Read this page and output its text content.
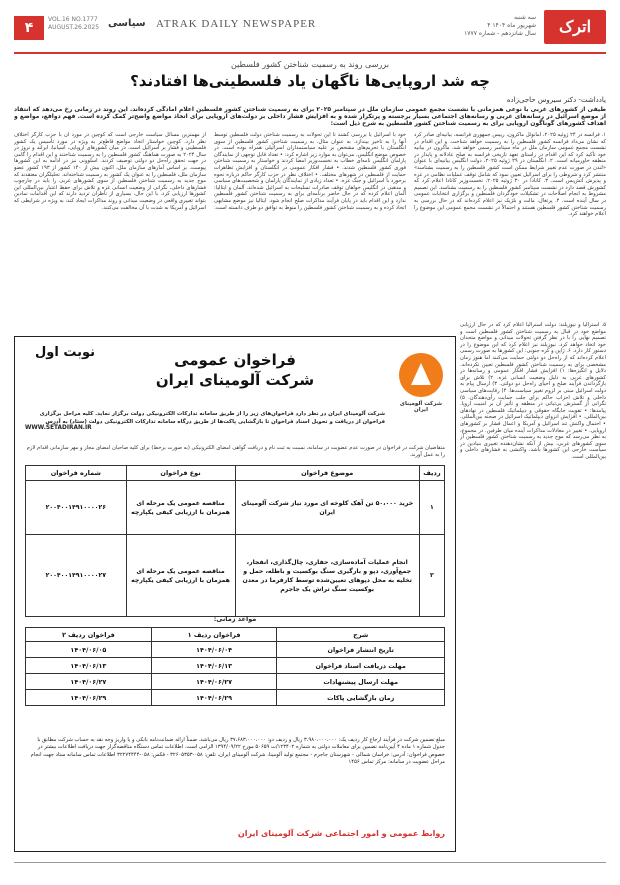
۴
VOL.16 NO.1777
AUGUST.26.2025 سیاسی ATRAK DAILY NEWSPAPER
سه شنبه
۴ شهریور ماه ۱۴۰۴
سال شانزدهم - شماره ۱۷۷۷	اترک
بررسی روند به رسمیت شناختن کشور فلسطین
چه شد اروپایی‌ها ناگهان یاد فلسطینی‌ها افتادند؟
یادداشت- دکتر سیروس حاجی‌زاده
طیفی از کشورهای غربی با نوعی همزمانی با نشست مجمع عمومی سازمان ملل در سپتامبر ۲۰۲۵ برای به رسمیت شناختن کشور فلسطین اعلام آمادگی کرده‌اند. این روند در زمانی رخ می‌دهد که انتقاد از موضع اسرائیل در رسانه‌های غربی و رسانه‌های اجتماعی بسیار برجسته و پرتکرار شده و به افزایش فشار داخلی بر دولت‌های اروپایی برای اتخاذ مواضع واضح‌تر کمک کرده است. فهم دوافع، مواضع و اهداف کشورهای گوناگون اروپایی برای به رسمیت شناختن کشور فلسطین به شرح ذیل است:
۱. فرانسه در ۲۴ ژوئیه ۲۰۲۵، امانوئل ماکرون، رییس جمهوری فرانسه، بیانیه‌ای صادر کرد که نشان می‌داد فرانسه کشور فلسطین را به رسمیت خواهد شناخت. و این اقدام در نشست مجمع عمومی سازمان ملل در ماه سپتامبر رسمی خواهد شد. ماکرون در بیانیه خود تأکید کرد که این اقدام در راستای تعهد تاریخی فرانسه به صلح عادلانه و پایدار در منطقه خاورمیانه است. ۲. انگلستان در ۲۹ ژوئیه ۲۰۲۵، دولت انگلیس بیانیه‌ای با عنوان «لندن در صورت عدم تغییر شرایط ممکن است کشور فلسطین را به رسمیت بشناسد» منتشر کرد و شروطی را برای اسرائیل تعیین نمود که شامل توقف عملیات نظامی در غزه و پذیرش آتش‌بس است. ۳. کانادا در ۳۰ ژوئیه ۲۰۲۵، نخست‌وزیر کانادا اعلام کرد که کشورش قصد دارد در نشست سپتامبر کشور فلسطین را به رسمیت بشناسد. این تصمیم مشروط به انجام اصلاحات در تشکیلات خودگردان فلسطین و برگزاری انتخابات عمومی در سال آینده است. ۴. پرتغال، مالت و بلژیک نیز اعلام کرده‌اند که در حال بررسی به رسمیت شناختن کشور فلسطین هستند و احتمالاً در نشست مجمع عمومی این موضوع را اعلام خواهند کرد.
خود با اسرائیل یا بررسی کشند تا این تحولات به رسمیت شناختن دولت فلسطین توسط آنها را به تاخیر بیندازد. به عنوان مثال، به رسمیت شناختن کشور فلسطین از سوی انگلستان با تحریم‌های مشخص بر علیه سیاستمداران اسرائیلی همراه بوده است. در خصوص موضع انگلیس، می‌توان به موارد زیر اشاره کرد: • تعداد قابل توجهی از نمایندگان پارلمان انگلیس نامه‌ای خطاب به نخست‌وزیر امضا کردند و خواستار به رسمیت شناختن فوری کشور فلسطین شدند. • فشار افکار عمومی در انگلستان و افزایش تظاهرات حمایت از فلسطین در شهرهای مختلف. • اختلاف نظر در حزب کارگر حاکم درباره نحوه برخورد با اسرائیل و جنگ غزه. • تعداد زیادی از نمایندگان پارلمان و شخصیت‌های سیاسی و مذهبی در انگلیس خواهان توقف صادرات تسلیحات به اسرائیل شده‌اند. آلمان و ایتالیا: آلمان اعلام کرده که در حال حاضر برنامه‌ای برای به رسمیت شناختن کشور فلسطین ندارد و این اقدام باید در پایان فرآیند مذاکرات صلح انجام شود. ایتالیا نیز موضع مشابهی اتخاذ کرده و به رسمیت شناختن کشور فلسطین را منوط به توافق دو طرف دانسته است.
از مهمترین مسائل سیاست خارجی است که کوچین در مورد آن با حزب کارگر اختلاف نظر دارد. کوچین خواستار اتخاذ مواضع قاطع‌تر به ویژه در مورد تأسیس یک کشور فلسطینی و فشار بر اسرائیل است. در میان کشورهای اروپایی، اسپانیا، ایرلند و نروژ در سال ۲۰۲۴ به صورت هماهنگ کشور فلسطین را به رسمیت شناختند و این اقدام را گامی در جهت تحقق راه‌حل دو دولتی توصیف کردند. اسلوونی نیز در ادامه به این کشورها پیوست. بر اساس آمارهای سازمان ملل، اکنون بیش از ۱۴۰ کشور از ۱۹۳ کشور عضو سازمان ملل، فلسطین را به عنوان یک کشور به رسمیت شناخته‌اند. تحلیلگران معتقدند که موج جدید به رسمیت شناختن فلسطین از سوی کشورهای غربی را باید در چارچوب فشارهای داخلی، نگرانی از وضعیت انسانی غزه و تلاش برای حفظ اعتبار بین‌المللی این کشورها ارزیابی کرد. با این حال، بسیاری از ناظران تردید دارند که این اقدامات نمادین بتواند تغییری واقعی در وضعیت میدانی و روند مذاکرات ایجاد کند، به ویژه در شرایطی که اسرائیل و آمریکا به شدت با آن مخالفت می‌کنند.
۵. استرالیا و نیوزیلند: دولت استرالیا اعلام کرد که در حال ارزیابی مواضع خود در قبال به رسمیت شناختن کشور فلسطین است و تصمیم نهایی را با در نظر گرفتن تحولات میدانی و مواضع متحدان خود اتخاذ خواهد کرد. نیوزیلند نیز اعلام کرد که این موضوع را در دستور کار دارد. ۶. ژاپن و کره جنوبی: این کشورها به صورت رسمی اعلام کرده‌اند که از راه‌حل دو دولتی حمایت می‌کنند اما هنوز زمان مشخصی برای به رسمیت شناختن کشور فلسطین تعیین نکرده‌اند. دلایل و انگیزه‌ها: ۱) افزایش فشار افکار عمومی و رسانه‌ها در کشورهای غربی به دلیل وضعیت انسانی غزه. ۲) تلاش برای بازگرداندن فرآیند صلح و احیای راه‌حل دو دولتی. ۳) ارسال پیام به دولت اسرائیل مبنی بر لزوم تغییر سیاست‌ها. ۴) رقابت‌های سیاسی داخلی و تلاش احزاب حاکم برای جلب حمایت رأی‌دهندگان. ۵) نگرانی از گسترش بی‌ثباتی در منطقه و تأثیر آن بر امنیت اروپا. پیامدها: • تقویت جایگاه حقوقی و دیپلماتیک فلسطین در نهادهای بین‌المللی. • افزایش انزوای دیپلماتیک اسرائیل در صحنه بین‌المللی. • احتمال واکنش تند اسرائیل و آمریکا و اعمال فشار بر کشورهای اروپایی. • تغییر در معادلات مذاکرات آینده میان طرفین. در مجموع، به نظر می‌رسد که موج جدید به رسمیت شناختن کشور فلسطین از سوی کشورهای غربی، بیش از آنکه نشان‌دهنده تغییری بنیادین در سیاست خارجی این کشورها باشد، واکنشی به فشارهای داخلی و بین‌المللی است.
نوبت اول	فراخوان عمومی
شرکت آلومینای ایران
شرکت آلومینای ایران
شرکت آلومینای ایران در نظر دارد فراخوان‌های زیر را از طریق سامانه تدارکات الکترونیکی دولت برگزار نماید. کلیه مراحل برگزاری فراخوان از دریافت و تحویل اسناد فراخوان تا بازگشایی پاکت‌ها از طریق درگاه سامانه تدارکات الکترونیکی دولت (ستاد) به آدرس
WWW.SETADIRAN.IR
متقاضیان شرکت در فراخوان در صورت عدم عضویت در سامانه، نسبت به ثبت نام و دریافت گواهی امضای الکترونیکی (به صورت برخط) برای کلیه صاحبان امضای مجاز و مهر سازمانی اقدام لازم را به عمل آورند.
ردیف	موضوع فراخوان	نوع فراخوان	شماره فراخوان
۱	خرید ۵۰،۰۰۰ تن آهک کلوخه ای مورد نیاز شرکت آلومینای ایران	مناقصه عمومی یک مرحله ای همزمان با ارزیابی کیفی یکپارچه	۲۰۰۴۰۰۱۴۹۱۰۰۰۰۲۶
۲	انجام عملیات آماده‌سازی، حفاری، چال‌گذاری، انفجار، جمع‌آوری، دپو و بارگیری سنگ بوکسیت و باطله، حمل و تخلیه به محل دپوهای تعیین‌شده توسط کارفرما در معدن بوکسیت سنگ تراش یک جاجرم	مناقصه عمومی یک مرحله ای همزمان با ارزیابی کیفی یکپارچه	۲۰۰۴۰۰۱۴۹۱۰۰۰۰۲۷
مواعد زمانی:
شرح	فراخوان ردیف ۱	فراخوان ردیف ۲
تاریخ انتشار فراخوان	۱۴۰۴/۰۶/۰۴	۱۴۰۴/۰۶/۰۵
مهلت دریافت اسناد فراخوان	۱۴۰۴/۰۶/۱۳	۱۴۰۴/۰۶/۱۳
مهلت ارسال پیشنهادات	۱۴۰۴/۰۶/۲۷	۱۴۰۴/۰۶/۲۷
زمان بازگشایی پاکات	۱۴۰۴/۰۶/۲۹	۱۴۰۴/۰۶/۲۹
مبلغ تضمین شرکت در فرآیند ارجاع کار ردیف یک: ۳،۹۸۰،۰۰۰،۰۰۰ ریال و ردیف دو: ۳۷،۶۸۳،۰۰۰،۰۰۰ ریال می‌باشد. ضمناً ارائه ضمانت‌نامه بانکی و یا واریز وجه نقد به حساب شرکت مطابق با جدول شماره ۱ ماده ۴ آیین‌نامه تضمین برای معاملات دولتی به شماره ۱۲۳۴۰۲/ت ۵۰۶۵۹ مورخ ۱۳۹۴/۰۹/۲۲ الزامی است. اطلاعات تماس دستگاه مناقصه‌گزار جهت دریافت اطلاعات بیشتر در خصوص فراخوان: آدرس: خراسان شمالی - شهرستان جاجرم - مجتمع تولید آلومینا، شرکت آلومینای ایران، تلفن: ۰۵۸-۳۲۶۰۵۳۵۳ - فکس: ۰۵۸-۳۲۲۷۴۴۴۴ اطلاعات تماس سامانه ستاد جهت انجام مراحل عضویت در سامانه: مرکز تماس ۱۴۵۶
روابط عمومی و امور اجتماعی شرکت آلومینای ایران
